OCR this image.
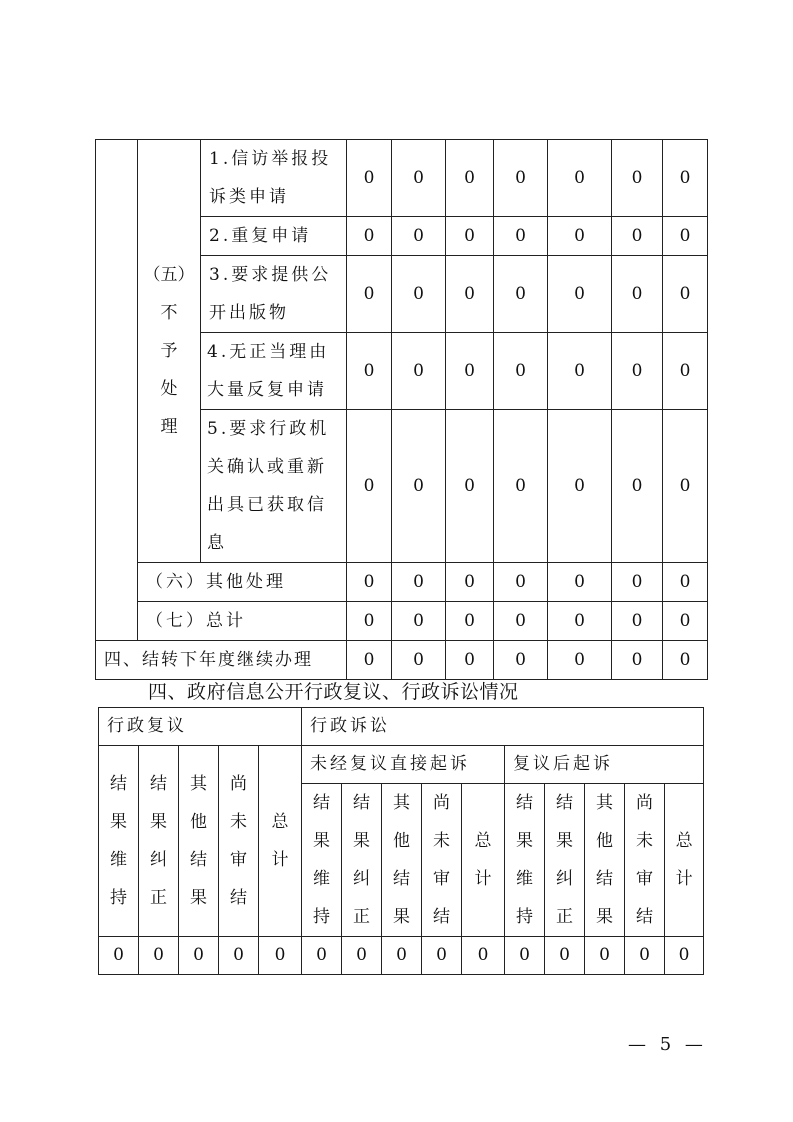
	（五）
不
予
处
理	1.信访举报投
诉类申请	0	0	0	0	0	0	0
		2.重复申请	0	0	0	0	0	0	0

		3.要求提供公
开出版物	0	0	0	0	0	0	0

		4.无正当理由
大量反复申请	0	0	0	0	0	0	0

		5.要求行政机
关确认或重新
出具已获取信
息	0	0	0	0	0	0	0
	（六）其他处理		0	0	0	0	0	0	0
	（七）总计		0	0	0	0	0	0	0
四、结转下年度继续办理			0	0	0	0	0	0	0
四、政府信息公开行政复议、行政诉讼情况
行政复议					行政诉讼									

结
果
维
持	结
果
纠
正	其
他
结
果	尚
未
审
结	总
计	未经复议直接起诉					复议后起诉				

					结
果
维
持	结
果
纠
正	其
他
结
果	尚
未
审
结	总
计	结
果
维
持	结
果
纠
正	其
他
结
果	尚
未
审
结	总
计

0	0	0	0	0	0	0	0	0	0	0	0	0	0	0
— 5 —
